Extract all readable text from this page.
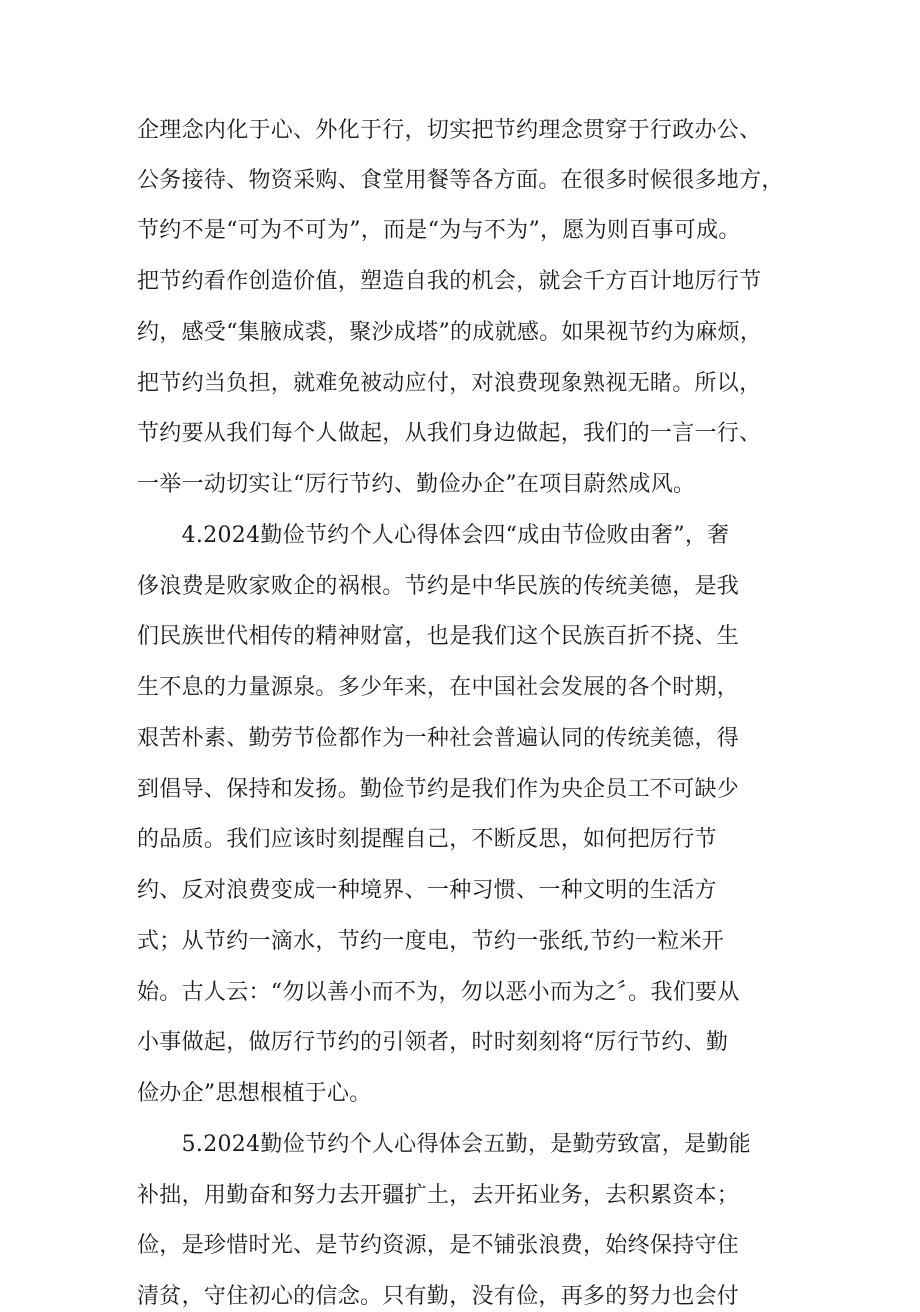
企理念内化于心、外化于行，切实把节约理念贯穿于行政办公、

公务接待、物资采购、食堂用餐等各方面。在很多时候很多地方，

节约不是“可为不可为”，而是“为与不为”，愿为则百事可成。

把节约看作创造价值，塑造自我的机会，就会千方百计地厉行节

约，感受“集腋成裘，聚沙成塔”的成就感。如果视节约为麻烦，

把节约当负担，就难免被动应付，对浪费现象熟视无睹。所以，

节约要从我们每个人做起，从我们身边做起，我们的一言一行、

一举一动切实让“厉行节约、勤俭办企”在项目蔚然成风。

　　4.2024勤俭节约个人心得体会四“成由节俭败由奢”，奢

侈浪费是败家败企的祸根。节约是中华民族的传统美德，是我

们民族世代相传的精神财富，也是我们这个民族百折不挠、生

生不息的力量源泉。多少年来，在中国社会发展的各个时期，

艰苦朴素、勤劳节俭都作为一种社会普遍认同的传统美德，得

到倡导、保持和发扬。勤俭节约是我们作为央企员工不可缺少

的品质。我们应该时刻提醒自己，不断反思，如何把厉行节

约、反对浪费变成一种境界、一种习惯、一种文明的生活方

式；从节约一滴水，节约一度电，节约一张纸,节约一粒米开

始。古人云：“勿以善小而不为，勿以恶小而为之〞。我们要从

小事做起，做厉行节约的引领者，时时刻刻将“厉行节约、勤

俭办企”思想根植于心。

　　5.2024勤俭节约个人心得体会五勤，是勤劳致富，是勤能

补拙，用勤奋和努力去开疆扩土，去开拓业务，去积累资本；

俭，是珍惜时光、是节约资源，是不铺张浪费，始终保持守住

清贫，守住初心的信念。只有勤，没有俭，再多的努力也会付
